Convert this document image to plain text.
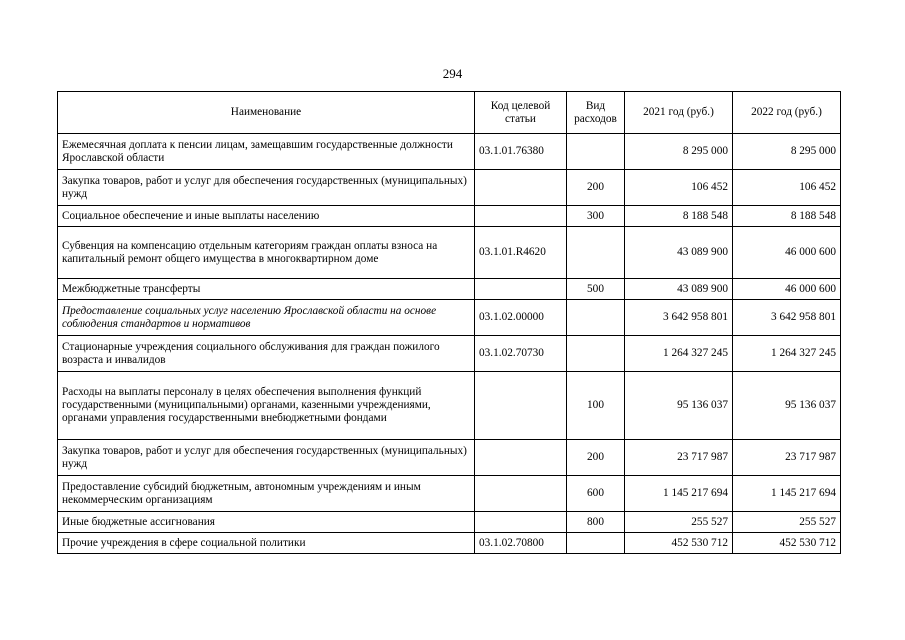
294
Наименование	Код целевой статьи	Вид расходов	2021 год (руб.)	2022 год (руб.)
Ежемесячная доплата к пенсии лицам, замещавшим государственные должности Ярославской области	03.1.01.76380		8 295 000	8 295 000
Закупка товаров, работ и услуг для обеспечения государственных (муниципальных) нужд		200	106 452	106 452
Социальное обеспечение и иные выплаты населению		300	8 188 548	8 188 548
Субвенция на компенсацию отдельным категориям граждан оплаты взноса на капитальный ремонт общего имущества в многоквартирном доме	03.1.01.R4620		43 089 900	46 000 600
Межбюджетные трансферты		500	43 089 900	46 000 600
Предоставление социальных услуг населению Ярославской области на основе соблюдения стандартов и нормативов	03.1.02.00000		3 642 958 801	3 642 958 801
Стационарные учреждения социального обслуживания для граждан пожилого возраста и инвалидов	03.1.02.70730		1 264 327 245	1 264 327 245
Расходы на выплаты персоналу в целях обеспечения выполнения функций государственными (муниципальными) органами, казенными учреждениями, органами управления государственными внебюджетными фондами		100	95 136 037	95 136 037
Закупка товаров, работ и услуг для обеспечения государственных (муниципальных) нужд		200	23 717 987	23 717 987
Предоставление субсидий бюджетным, автономным учреждениям и иным некоммерческим организациям		600	1 145 217 694	1 145 217 694
Иные бюджетные ассигнования		800	255 527	255 527
Прочие учреждения в сфере социальной политики	03.1.02.70800		452 530 712	452 530 712
